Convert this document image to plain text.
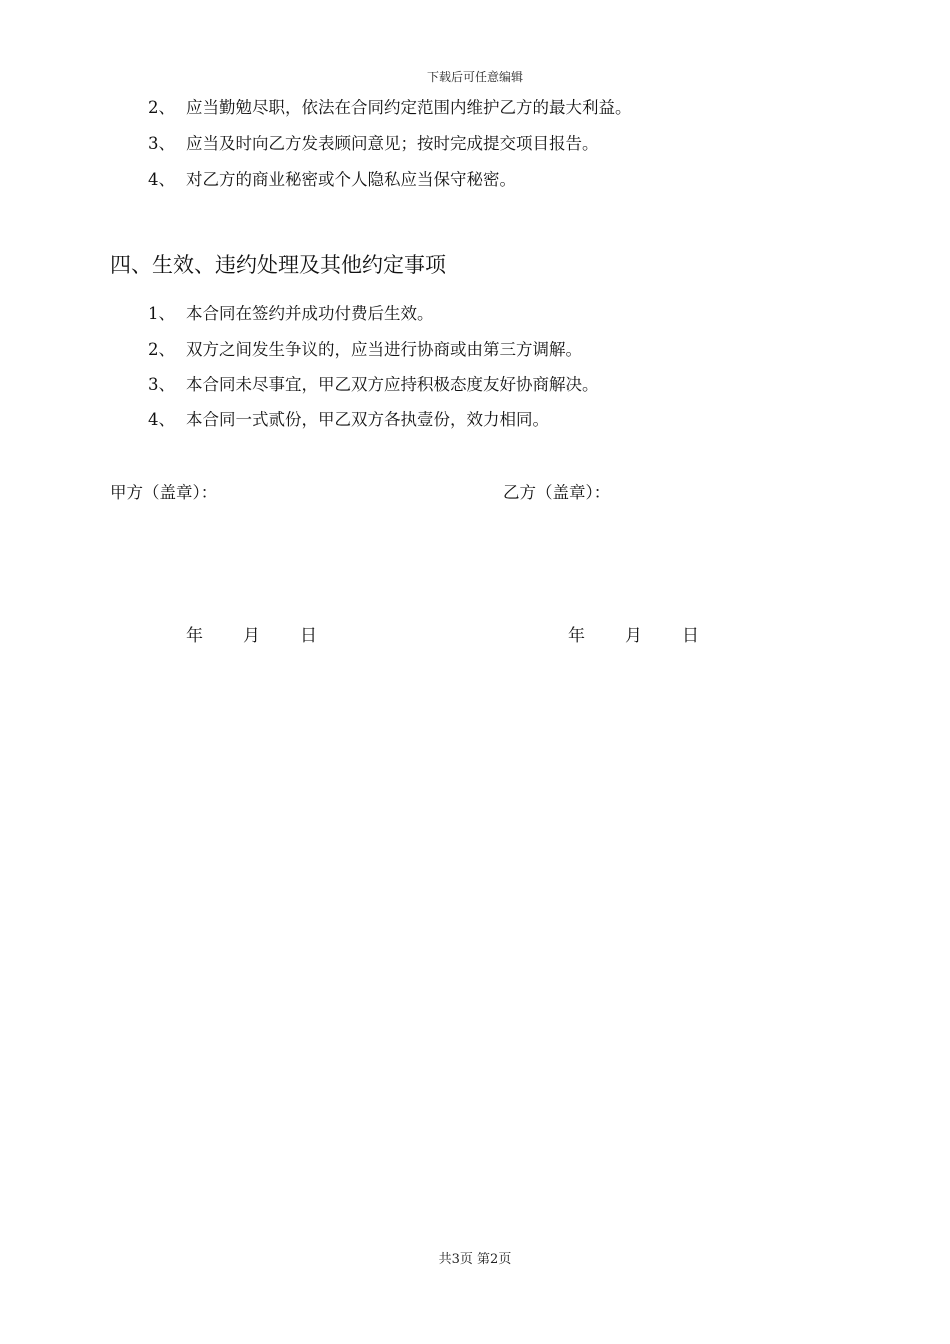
下载后可任意编辑
2、 应当勤勉尽职，依法在合同约定范围内维护乙方的最大利益。
3、 应当及时向乙方发表顾问意见；按时完成提交项目报告。
4、 对乙方的商业秘密或个人隐私应当保守秘密。
四、生效、违约处理及其他约定事项
1、 本合同在签约并成功付费后生效。
2、 双方之间发生争议的，应当进行协商或由第三方调解。
3、 本合同未尽事宜，甲乙双方应持积极态度友好协商解决。
4、 本合同一式贰份，甲乙双方各执壹份，效力相同。
甲方（盖章）：	乙方（盖章）：
年 月 日	年 月 日
共3页 第2页
